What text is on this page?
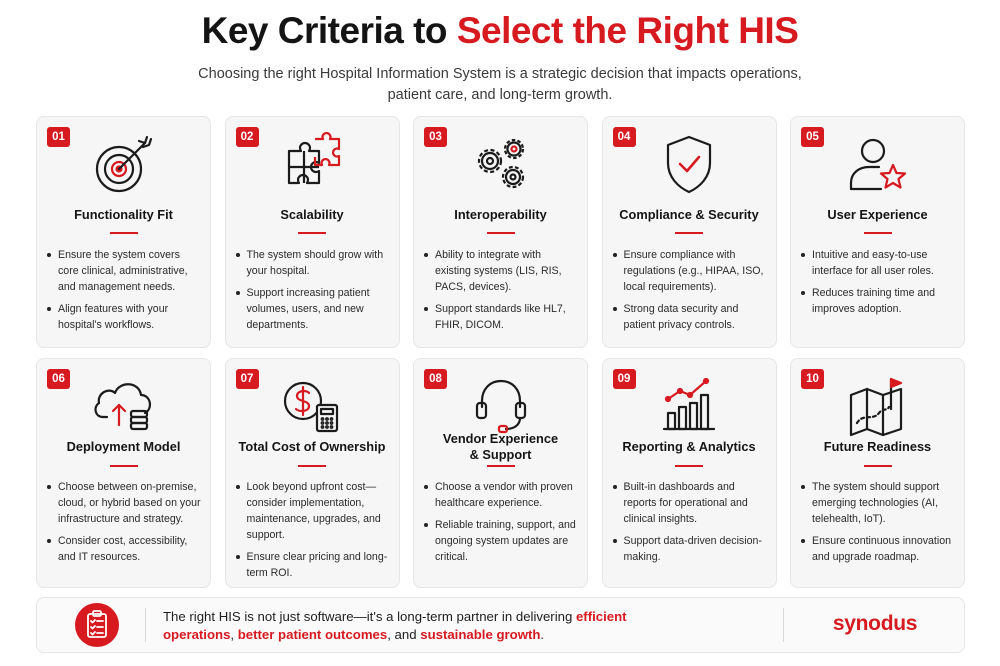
Key Criteria to Select the Right HIS
Choosing the right Hospital Information System is a strategic decision that impacts operations, patient care, and long-term growth.
01
Functionality Fit
Ensure the system covers core clinical, administrative, and management needs.
Align features with your hospital's workflows.
02
Scalability
The system should grow with your hospital.
Support increasing patient volumes, users, and new departments.
03
Interoperability
Ability to integrate with existing systems (LIS, RIS, PACS, devices).
Support standards like HL7, FHIR, DICOM.
04
Compliance & Security
Ensure compliance with regulations (e.g., HIPAA, ISO, local requirements).
Strong data security and patient privacy controls.
05
User Experience
Intuitive and easy-to-use interface for all user roles.
Reduces training time and improves adoption.
06
Deployment Model
Choose between on-premise, cloud, or hybrid based on your infrastructure and strategy.
Consider cost, accessibility, and IT resources.
07
Total Cost of Ownership
Look beyond upfront cost—consider implementation, maintenance, upgrades, and support.
Ensure clear pricing and long-term ROI.
08
Vendor Experience
& Support
Choose a vendor with proven healthcare experience.
Reliable training, support, and ongoing system updates are critical.
09
Reporting & Analytics
Built-in dashboards and reports for operational and clinical insights.
Support data-driven decision-making.
10
Future Readiness
The system should support emerging technologies (AI, telehealth, IoT).
Ensure continuous innovation and upgrade roadmap.
The right HIS is not just software—it's a long-term partner in delivering efficient operations, better patient outcomes, and sustainable growth.	synodus
